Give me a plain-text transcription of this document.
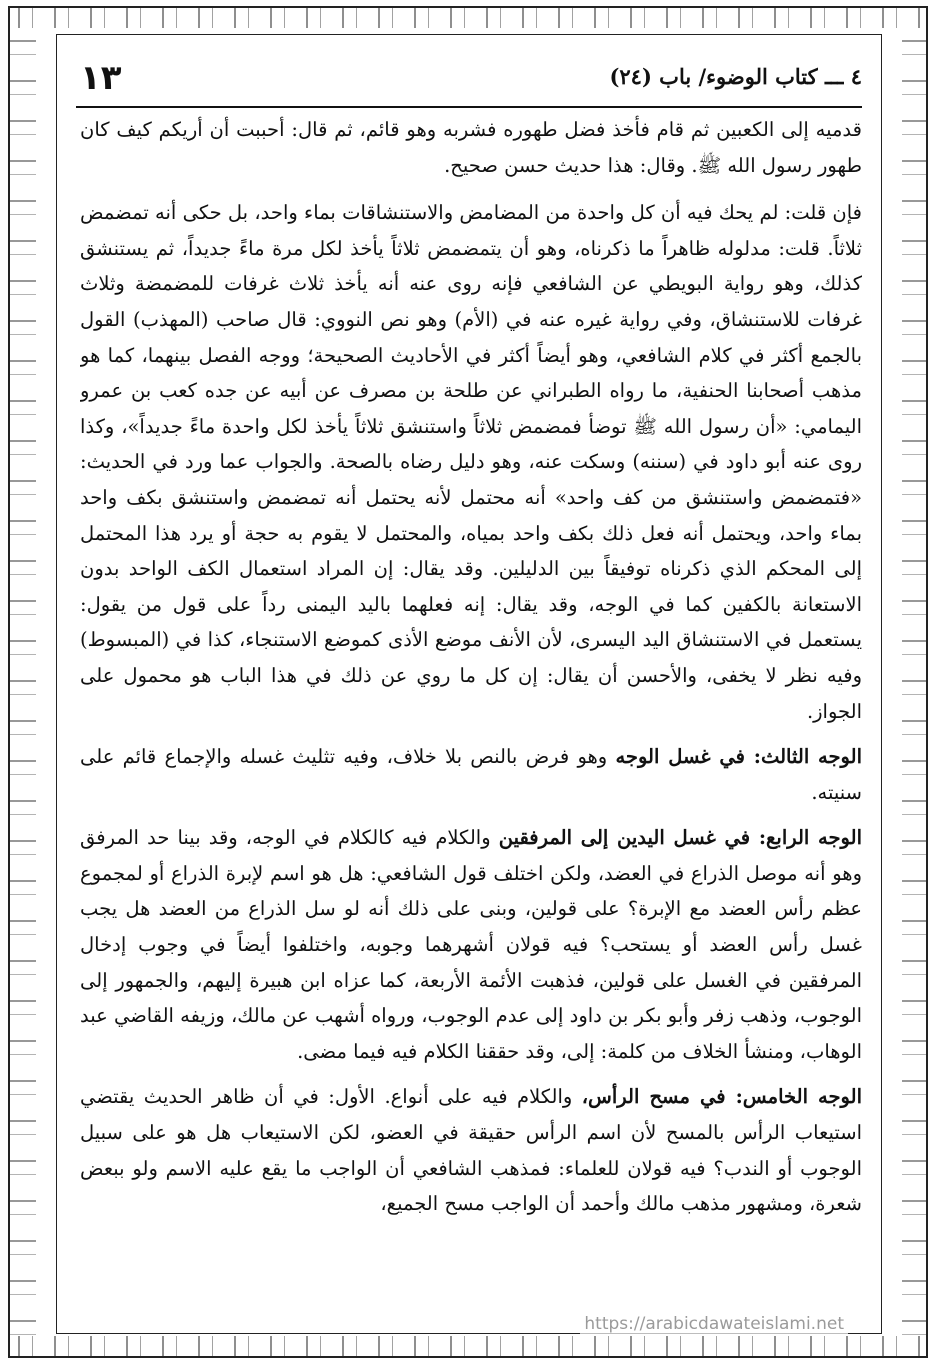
١٣	٤ ـــ كتاب الوضوء/ باب (٢٤)

قدميه إلى الكعبين ثم قام فأخذ فضل طهوره فشربه وهو قائم، ثم قال: أحببت أن أريكم كيف كان طهور رسول الله ﷺ. وقال: هذا حديث حسن صحيح.

فإن قلت: لم يحك فيه أن كل واحدة من المضامض والاستنشاقات بماء واحد، بل حكى أنه تمضمض ثلاثاً. قلت: مدلوله ظاهراً ما ذكرناه، وهو أن يتمضمض ثلاثاً يأخذ لكل مرة ماءً جديداً، ثم يستنشق كذلك، وهو رواية البويطي عن الشافعي فإنه روى عنه أنه يأخذ ثلاث غرفات للمضمضة وثلاث غرفات للاستنشاق، وفي رواية غيره عنه في (الأم) وهو نص النووي: قال صاحب (المهذب) القول بالجمع أكثر في كلام الشافعي، وهو أيضاً أكثر في الأحاديث الصحيحة؛ ووجه الفصل بينهما، كما هو مذهب أصحابنا الحنفية، ما رواه الطبراني عن طلحة بن مصرف عن أبيه عن جده كعب بن عمرو اليمامي: «أن رسول الله ﷺ توضأ فمضمض ثلاثاً واستنشق ثلاثاً يأخذ لكل واحدة ماءً جديداً»، وكذا روى عنه أبو داود في (سننه) وسكت عنه، وهو دليل رضاه بالصحة. والجواب عما ورد في الحديث: «فتمضمض واستنشق من كف واحد» أنه محتمل لأنه يحتمل أنه تمضمض واستنشق بكف واحد بماء واحد، ويحتمل أنه فعل ذلك بكف واحد بمياه، والمحتمل لا يقوم به حجة أو يرد هذا المحتمل إلى المحكم الذي ذكرناه توفيقاً بين الدليلين. وقد يقال: إن المراد استعمال الكف الواحد بدون الاستعانة بالكفين كما في الوجه، وقد يقال: إنه فعلهما باليد اليمنى رداً على قول من يقول: يستعمل في الاستنشاق اليد اليسرى، لأن الأنف موضع الأذى كموضع الاستنجاء، كذا في (المبسوط) وفيه نظر لا يخفى، والأحسن أن يقال: إن كل ما روي عن ذلك في هذا الباب هو محمول على الجواز.

الوجه الثالث: في غسل الوجه وهو فرض بالنص بلا خلاف، وفيه تثليث غسله والإجماع قائم على سنيته.

الوجه الرابع: في غسل اليدين إلى المرفقين والكلام فيه كالكلام في الوجه، وقد بينا حد المرفق وهو أنه موصل الذراع في العضد، ولكن اختلف قول الشافعي: هل هو اسم لإبرة الذراع أو لمجموع عظم رأس العضد مع الإبرة؟ على قولين، وبنى على ذلك أنه لو سل الذراع من العضد هل يجب غسل رأس العضد أو يستحب؟ فيه قولان أشهرهما وجوبه، واختلفوا أيضاً في وجوب إدخال المرفقين في الغسل على قولين، فذهبت الأئمة الأربعة، كما عزاه ابن هبيرة إليهم، والجمهور إلى الوجوب، وذهب زفر وأبو بكر بن داود إلى عدم الوجوب، ورواه أشهب عن مالك، وزيفه القاضي عبد الوهاب، ومنشأ الخلاف من كلمة: إلى، وقد حققنا الكلام فيه فيما مضى.

الوجه الخامس: في مسح الرأس، والكلام فيه على أنواع. الأول: في أن ظاهر الحديث يقتضي استيعاب الرأس بالمسح لأن اسم الرأس حقيقة في العضو، لكن الاستيعاب هل هو على سبيل الوجوب أو الندب؟ فيه قولان للعلماء: فمذهب الشافعي أن الواجب ما يقع عليه الاسم ولو ببعض شعرة، ومشهور مذهب مالك وأحمد أن الواجب مسح الجميع،

https://arabicdawateislami.net
